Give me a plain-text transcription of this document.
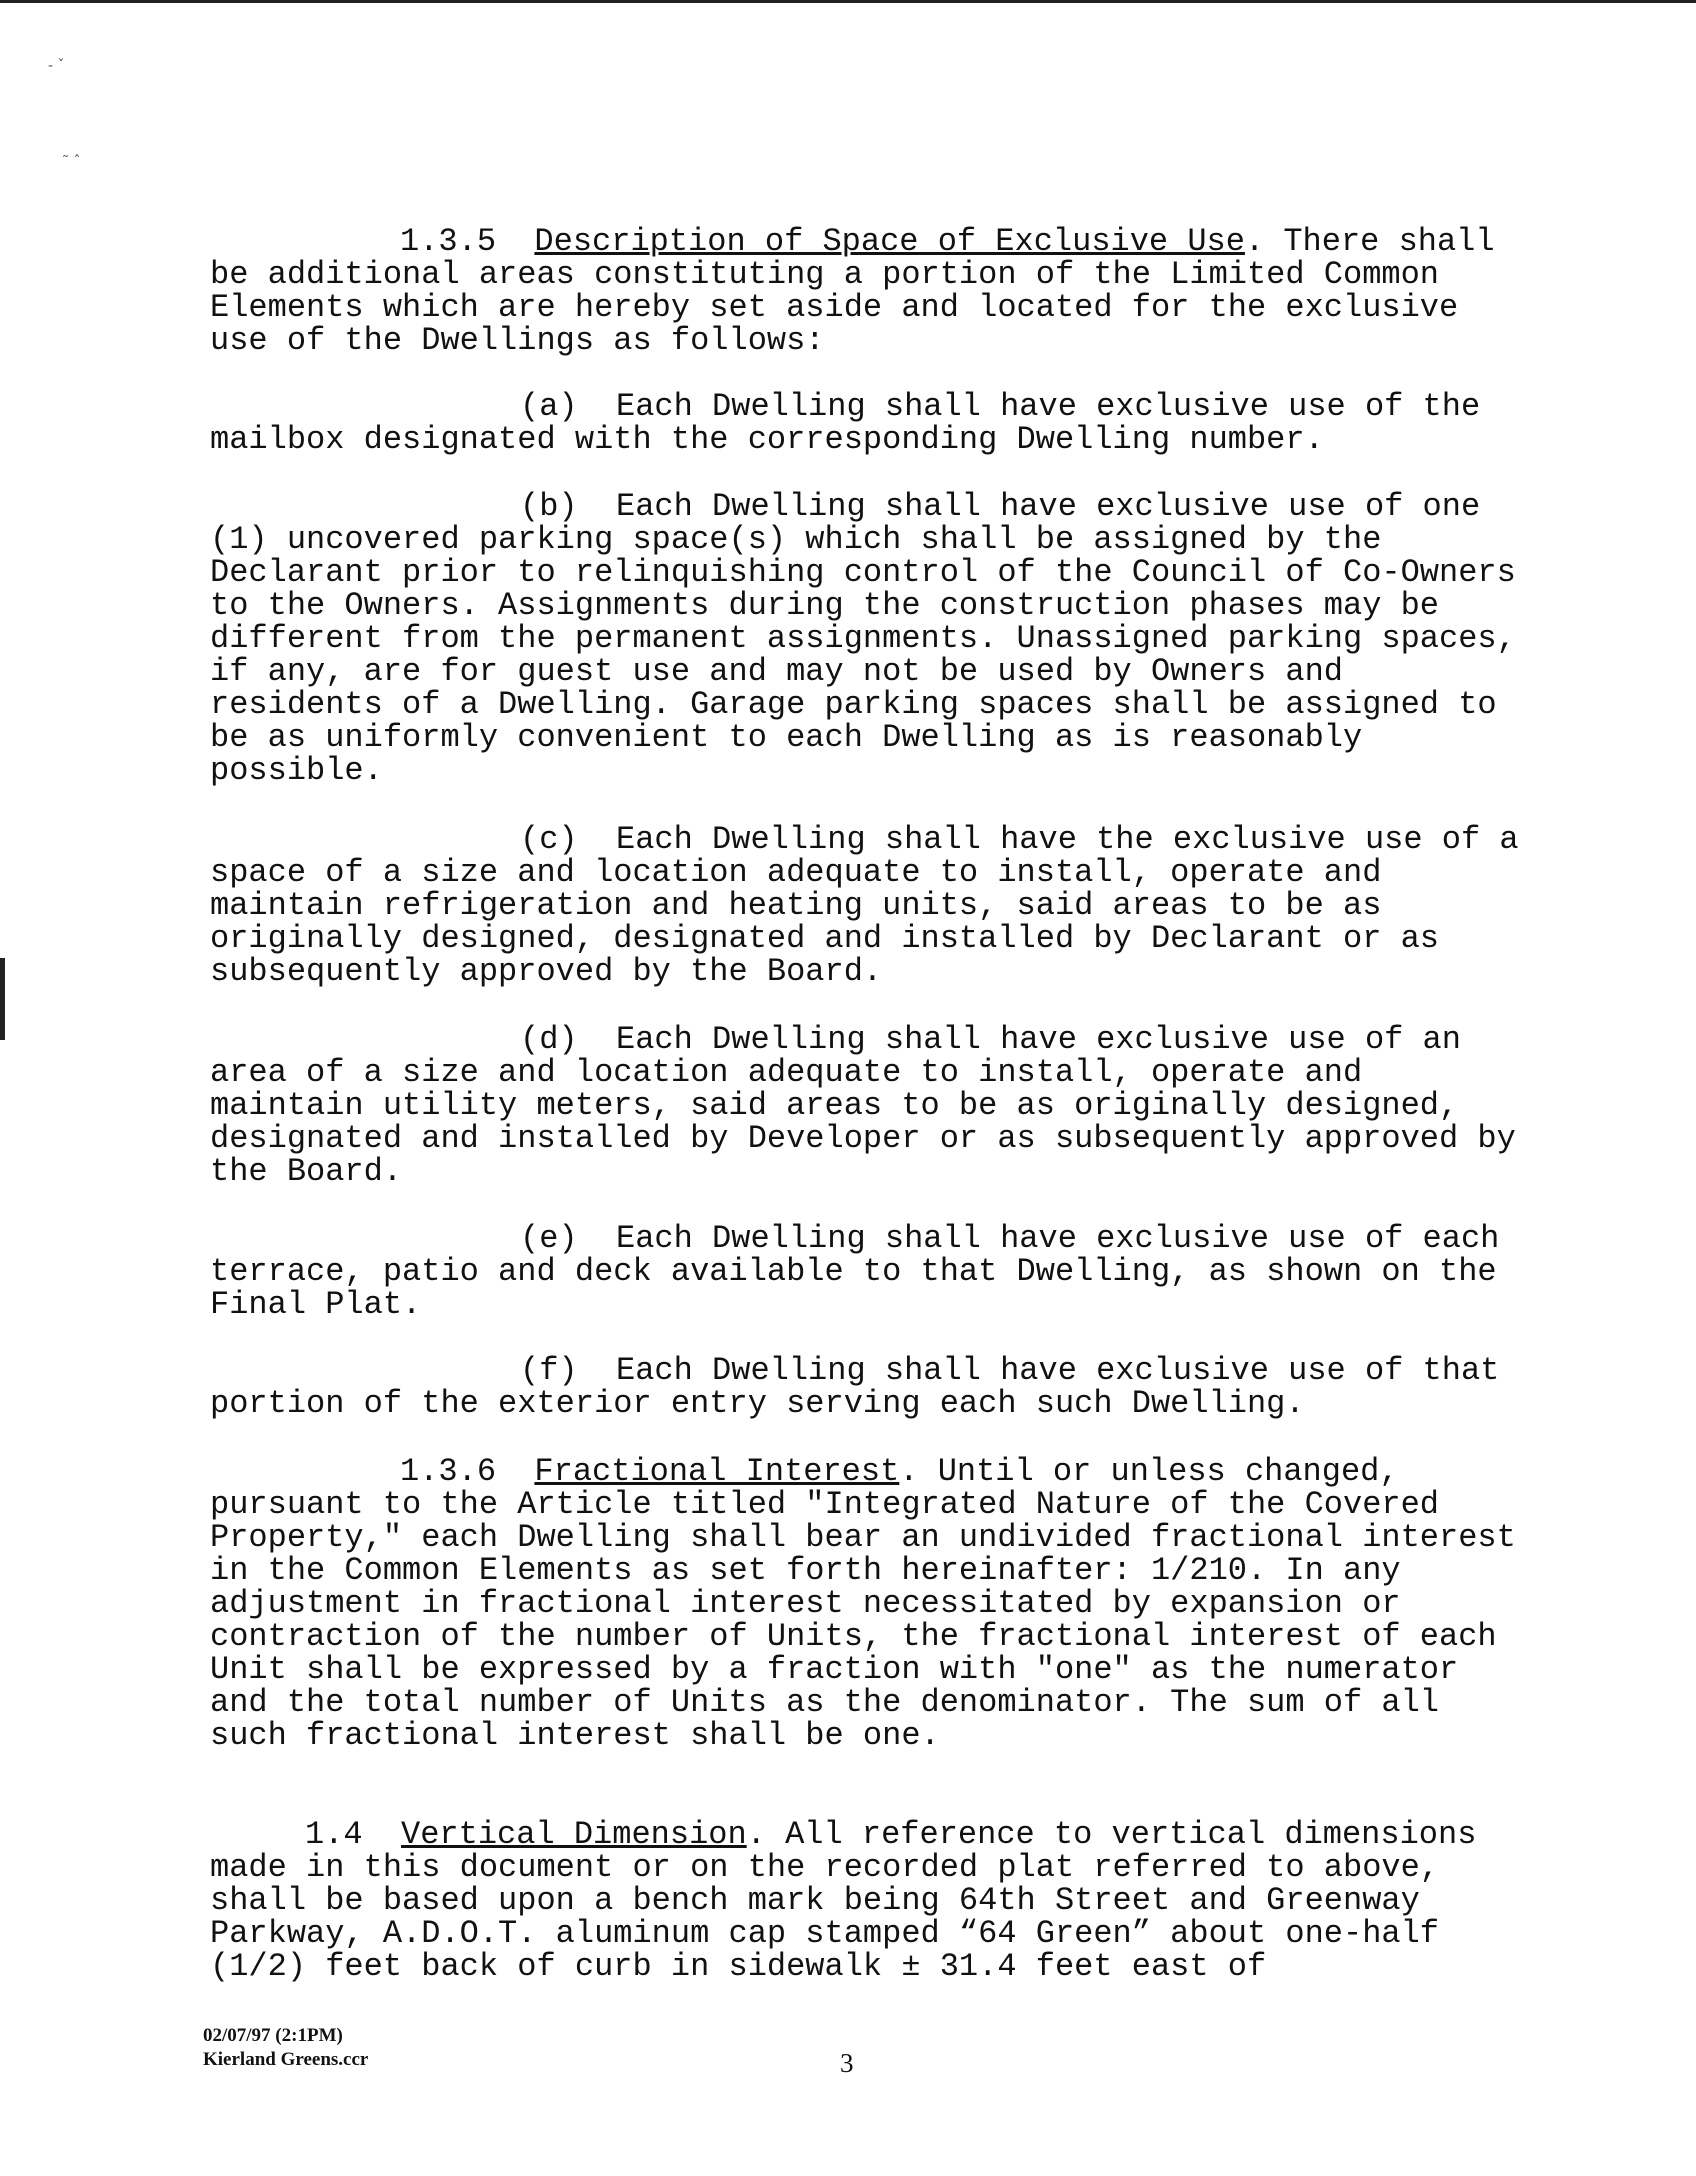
- ˇ
˜ ˆ

1.3.5 Description of Space of Exclusive Use. There shall be additional areas constituting a portion of the Limited Common Elements which are hereby set aside and located for the exclusive use of the Dwellings as follows:

(a) Each Dwelling shall have exclusive use of the mailbox designated with the corresponding Dwelling number.

(b) Each Dwelling shall have exclusive use of one (1) uncovered parking space(s) which shall be assigned by the Declarant prior to relinquishing control of the Council of Co-Owners to the Owners. Assignments during the construction phases may be different from the permanent assignments. Unassigned parking spaces, if any, are for guest use and may not be used by Owners and residents of a Dwelling. Garage parking spaces shall be assigned to be as uniformly convenient to each Dwelling as is reasonably possible.

(c) Each Dwelling shall have the exclusive use of a space of a size and location adequate to install, operate and maintain refrigeration and heating units, said areas to be as originally designed, designated and installed by Declarant or as subsequently approved by the Board.

(d) Each Dwelling shall have exclusive use of an area of a size and location adequate to install, operate and maintain utility meters, said areas to be as originally designed, designated and installed by Developer or as subsequently approved by the Board.

(e) Each Dwelling shall have exclusive use of each terrace, patio and deck available to that Dwelling, as shown on the Final Plat.

(f) Each Dwelling shall have exclusive use of that portion of the exterior entry serving each such Dwelling.

1.3.6 Fractional Interest. Until or unless changed, pursuant to the Article titled "Integrated Nature of the Covered Property," each Dwelling shall bear an undivided fractional interest in the Common Elements as set forth hereinafter: 1/210. In any adjustment in fractional interest necessitated by expansion or contraction of the number of Units, the fractional interest of each Unit shall be expressed by a fraction with "one" as the numerator and the total number of Units as the denominator. The sum of all such fractional interest shall be one.

1.4 Vertical Dimension. All reference to vertical dimensions made in this document or on the recorded plat referred to above, shall be based upon a bench mark being 64th Street and Greenway Parkway, A.D.O.T. aluminum cap stamped “64 Green” about one-half (1/2) feet back of curb in sidewalk ± 31.4 feet east of

02/07/97 (2:1PM)
Kierland Greens.ccr	3
